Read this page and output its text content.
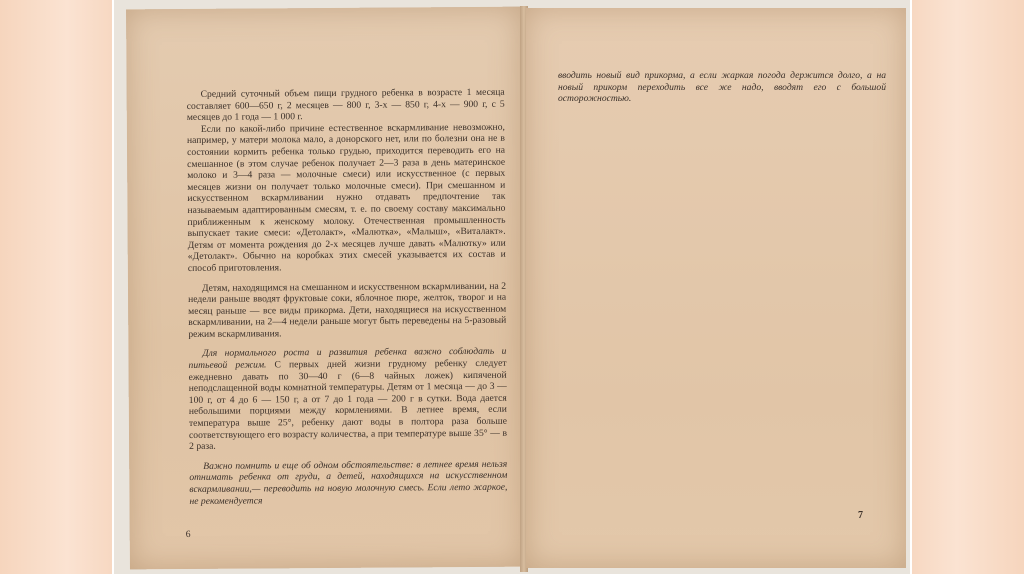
Средний суточный объем пищи грудного ребенка в возрасте 1 месяца составляет 600—650 г, 2 месяцев — 800 г, 3-х — 850 г, 4-х — 900 г, с 5 месяцев до 1 года — 1 000 г.

Если по какой-либо причине естественное вскармливание невозможно, например, у матери молока мало, а донорского нет, или по болезни она не в состоянии кормить ребенка только грудью, приходится переводить его на смешанное (в этом случае ребенок получает 2—3 раза в день материнское молоко и 3—4 раза — молочные смеси) или искусственное (с первых месяцев жизни он получает только молочные смеси). При смешанном и искусственном вскармливании нужно отдавать предпочтение так называемым адаптированным смесям, т. е. по своему составу максимально приближенным к женскому молоку. Отечественная промышленность выпускает такие смеси: «Детолакт», «Малютка», «Малыш», «Виталакт». Детям от момента рождения до 2-х месяцев лучше давать «Малютку» или «Детолакт». Обычно на коробках этих смесей указывается их состав и способ приготовления.

Детям, находящимся на смешанном и искусственном вскармливании, на 2 недели раньше вводят фруктовые соки, яблочное пюре, желток, творог и на месяц раньше — все виды прикорма. Дети, находящиеся на искусственном вскармливании, на 2—4 недели раньше могут быть переведены на 5-разовый режим вскармливания.

Для нормального роста и развития ребенка важно соблюдать и питьевой режим. С первых дней жизни грудному ребенку следует ежедневно давать по 30—40 г (6—8 чайных ложек) кипяченой неподслащенной воды комнатной температуры. Детям от 1 месяца — до 3 — 100 г, от 4 до 6 — 150 г, а от 7 до 1 года — 200 г в сутки. Вода дается небольшими порциями между кормлениями. В летнее время, если температура выше 25°, ребенку дают воды в полтора раза больше соответствующего его возрасту количества, а при температуре выше 35° — в 2 раза.

Важно помнить и еще об одном обстоятельстве: в летнее время нельзя отнимать ребенка от груди, а детей, находящихся на искусственном вскармливании,— переводить на новую молочную смесь. Если лето жаркое, не рекомендуется

6

вводить новый вид прикорма, а если жаркая погода держится долго, а на новый прикорм переходить все же надо, вводят его с большой осторожностью.

7
